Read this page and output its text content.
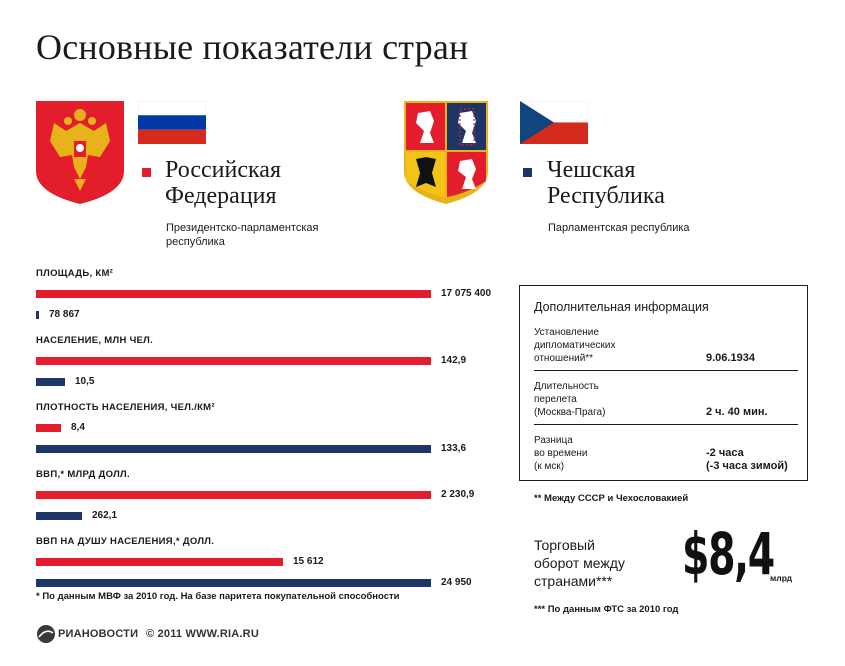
Основные показатели стран
Российская
Федерация
Президентско-парламентская
республика
Чешская
Республика
Парламентская республика
ПЛОЩАДЬ, КМ²
17 075 400
78 867
НАСЕЛЕНИЕ, МЛН ЧЕЛ.
142,9
10,5
ПЛОТНОСТЬ НАСЕЛЕНИЯ, ЧЕЛ./КМ²
8,4
133,6
ВВП,* МЛРД ДОЛЛ.
2 230,9
262,1
ВВП НА ДУШУ НАСЕЛЕНИЯ,* ДОЛЛ.
15 612
24 950
* По данным МВФ за 2010 год. На базе паритета покупательной способности
Дополнительная информация
Установление
дипломатических
отношений**	9.06.1934
Длительность
перелета
(Москва-Прага)	2 ч. 40 мин.
Разница
во времени
(к мск)
-2 часа
(-3 часа зимой)
** Между СССР и Чехословакией
Торговый
оборот между
странами*** $8,4
млрд
*** По данным ФТС за 2010 год
РИАНОВОСТИ © 2011 WWW.RIA.RU
